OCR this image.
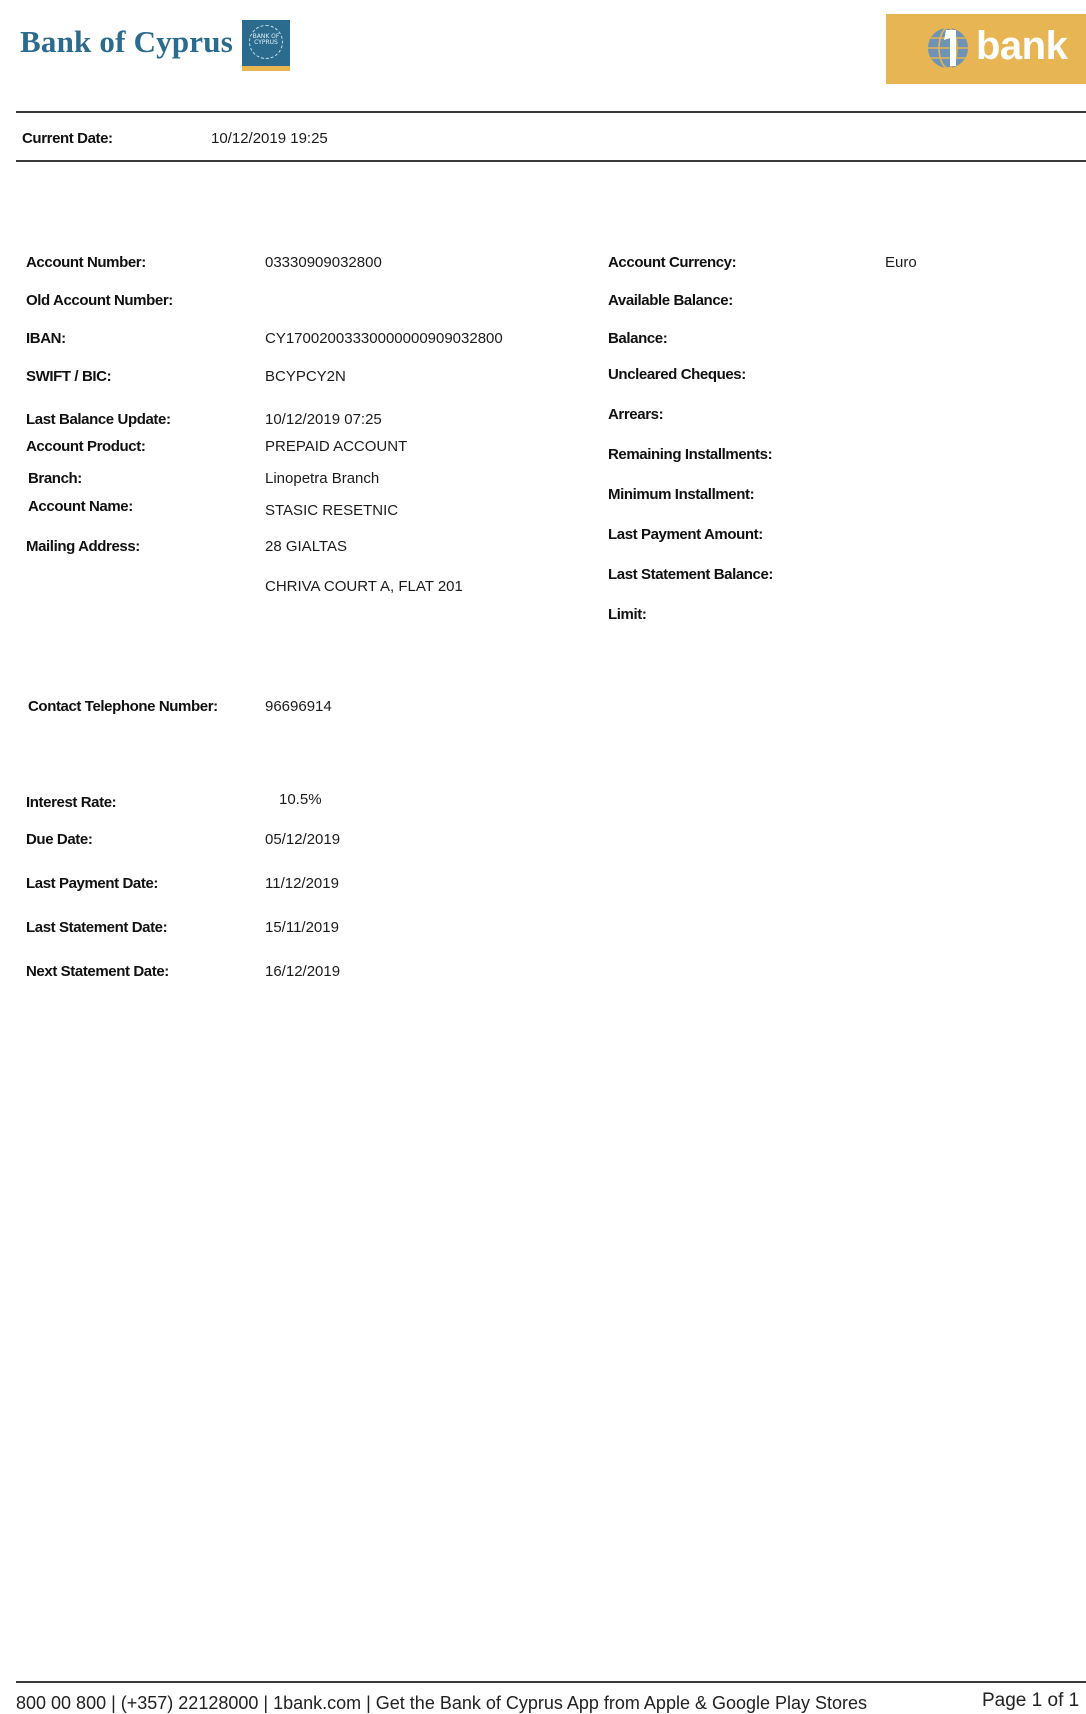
Bank of Cyprus	BANK OF CYPRUS	bank
Current Date:	10/12/2019 19:25
Account Number:	03330909032800
Old Account Number:
IBAN:	CY17002003330000000909032800
SWIFT / BIC:	BCYPCY2N
Last Balance Update:	10/12/2019 07:25
Account Product:	PREPAID ACCOUNT
Branch:	Linopetra Branch
Account Name:	STASIC RESETNIC
Mailing Address:	28 GIALTAS
CHRIVA COURT A, FLAT 201
Account Currency:	Euro
Available Balance:
Balance:
Uncleared Cheques:
Arrears:
Remaining Installments:
Minimum Installment:
Last Payment Amount:
Last Statement Balance:
Limit:
Contact Telephone Number:	96696914
Interest Rate:	10.5%
Due Date:	05/12/2019
Last Payment Date:	11/12/2019
Last Statement Date:	15/11/2019
Next Statement Date:	16/12/2019
800 00 800 | (+357) 22128000 | 1bank.com | Get the Bank of Cyprus App from Apple & Google Play Stores	Page 1 of 1
